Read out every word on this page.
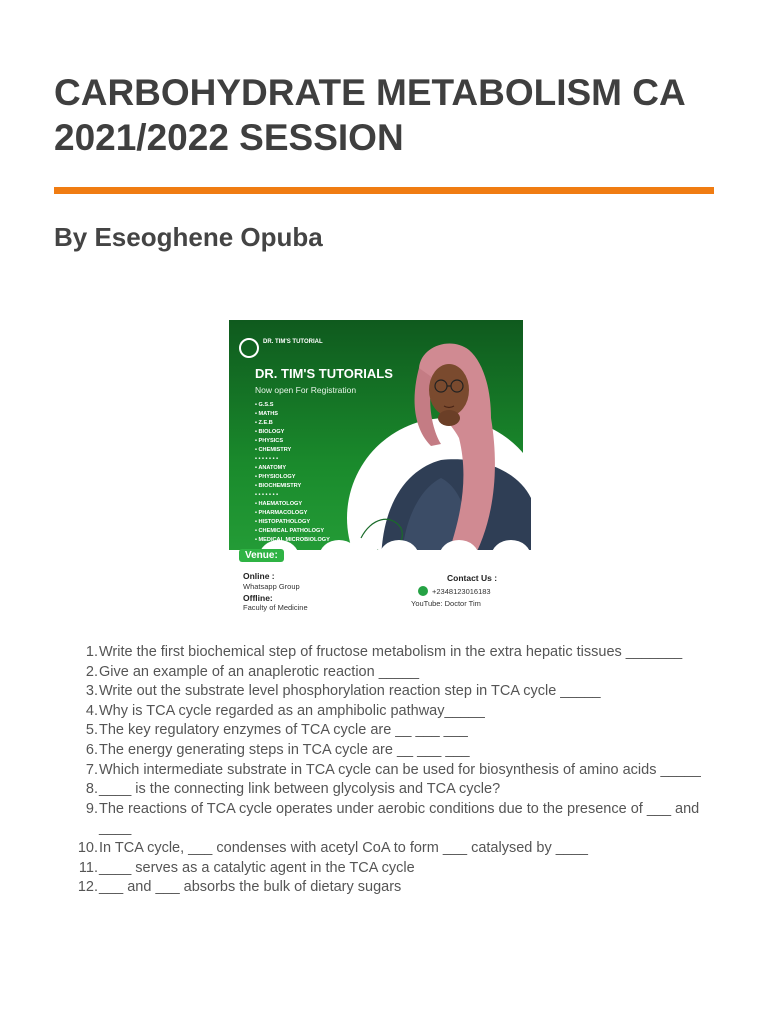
CARBOHYDRATE METABOLISM CA
2021/2022 SESSION
By Eseoghene Opuba
DR. TIM'S TUTORIAL
DR. TIM'S TUTORIALS
Now open For Registration
• G.S.S
• MATHS
• Z.E.B
• BIOLOGY
• PHYSICS
• CHEMISTRY
• • • • • • •
• ANATOMY
• PHYSIOLOGY
• BIOCHEMISTRY
• • • • • • •
• HAEMATOLOGY
• PHARMACOLOGY
• HISTOPATHOLOGY
• CHEMICAL PATHOLOGY
• MEDICAL MICROBIOLOGY
Venue:
Online :
Whatsapp Group
Offline:
Faculty of Medicine
Contact Us :
+2348123016183
YouTube: Doctor Tim
1. Write the first biochemical step of fructose metabolism in the extra hepatic tissues _______
2. Give an example of an anaplerotic reaction _____
3. Write out the substrate level phosphorylation reaction step in TCA cycle _____
4. Why is TCA cycle regarded as an amphibolic pathway_____
5. The key regulatory enzymes of TCA cycle are __ ___ ___
6. The energy generating steps in TCA cycle are __ ___ ___
7. Which intermediate substrate in TCA cycle can be used for biosynthesis of amino acids _____
8. ____ is the connecting link between glycolysis and TCA cycle?
9. The reactions of TCA cycle operates under aerobic conditions due to the presence of ___ and ____
10. In TCA cycle, ___ condenses with acetyl CoA to form ___ catalysed by ____
11. ____ serves as a catalytic agent in the TCA cycle
12. ___ and ___ absorbs the bulk of dietary sugars
